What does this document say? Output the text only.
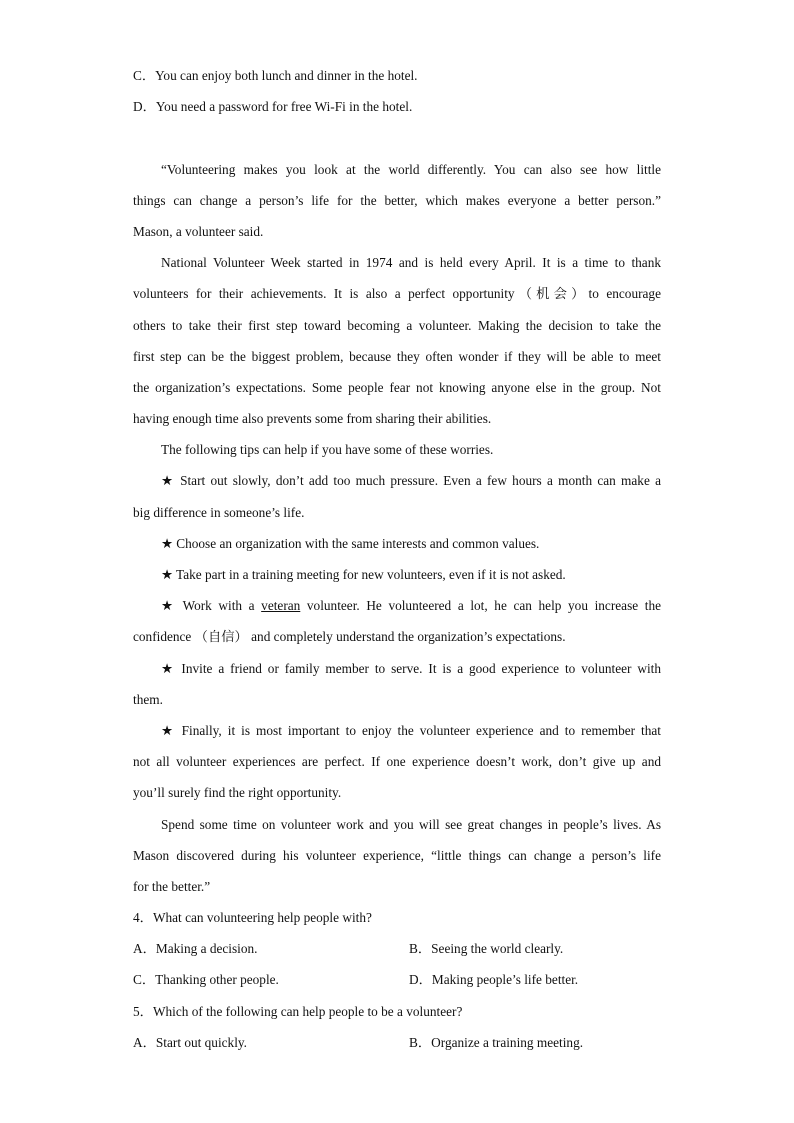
C．You can enjoy both lunch and dinner in the hotel.
D．You need a password for free Wi-Fi in the hotel.
“Volunteering makes you look at the world differently. You can also see how little
things can change a person’s life for the better, which makes everyone a better person.”
Mason, a volunteer said.
National Volunteer Week started in 1974 and is held every April. It is a time to thank
volunteers for their achievements. It is also a perfect opportunity（机会）to encourage
others to take their first step toward becoming a volunteer. Making the decision to take the
first step can be the biggest problem, because they often wonder if they will be able to meet
the organization’s expectations. Some people fear not knowing anyone else in the group. Not
having enough time also prevents some from sharing their abilities.
The following tips can help if you have some of these worries.
★ Start out slowly, don’t add too much pressure. Even a few hours a month can make a
big difference in someone’s life.
★ Choose an organization with the same interests and common values.
★ Take part in a training meeting for new volunteers, even if it is not asked.
★ Work with a veteran volunteer. He volunteered a lot, he can help you increase the
confidence （自信） and completely understand the organization’s expectations.
★ Invite a friend or family member to serve. It is a good experience to volunteer with
them.
★ Finally, it is most important to enjoy the volunteer experience and to remember that
not all volunteer experiences are perfect. If one experience doesn’t work, don’t give up and
you’ll surely find the right opportunity.
Spend some time on volunteer work and you will see great changes in people’s lives. As
Mason discovered during his volunteer experience, “little things can change a person’s life
for the better.”
4．What can volunteering help people with?
A．Making a decision.	B．Seeing the world clearly.
C．Thanking other people.	D．Making people’s life better.
5．Which of the following can help people to be a volunteer?
A．Start out quickly.	B．Organize a training meeting.
